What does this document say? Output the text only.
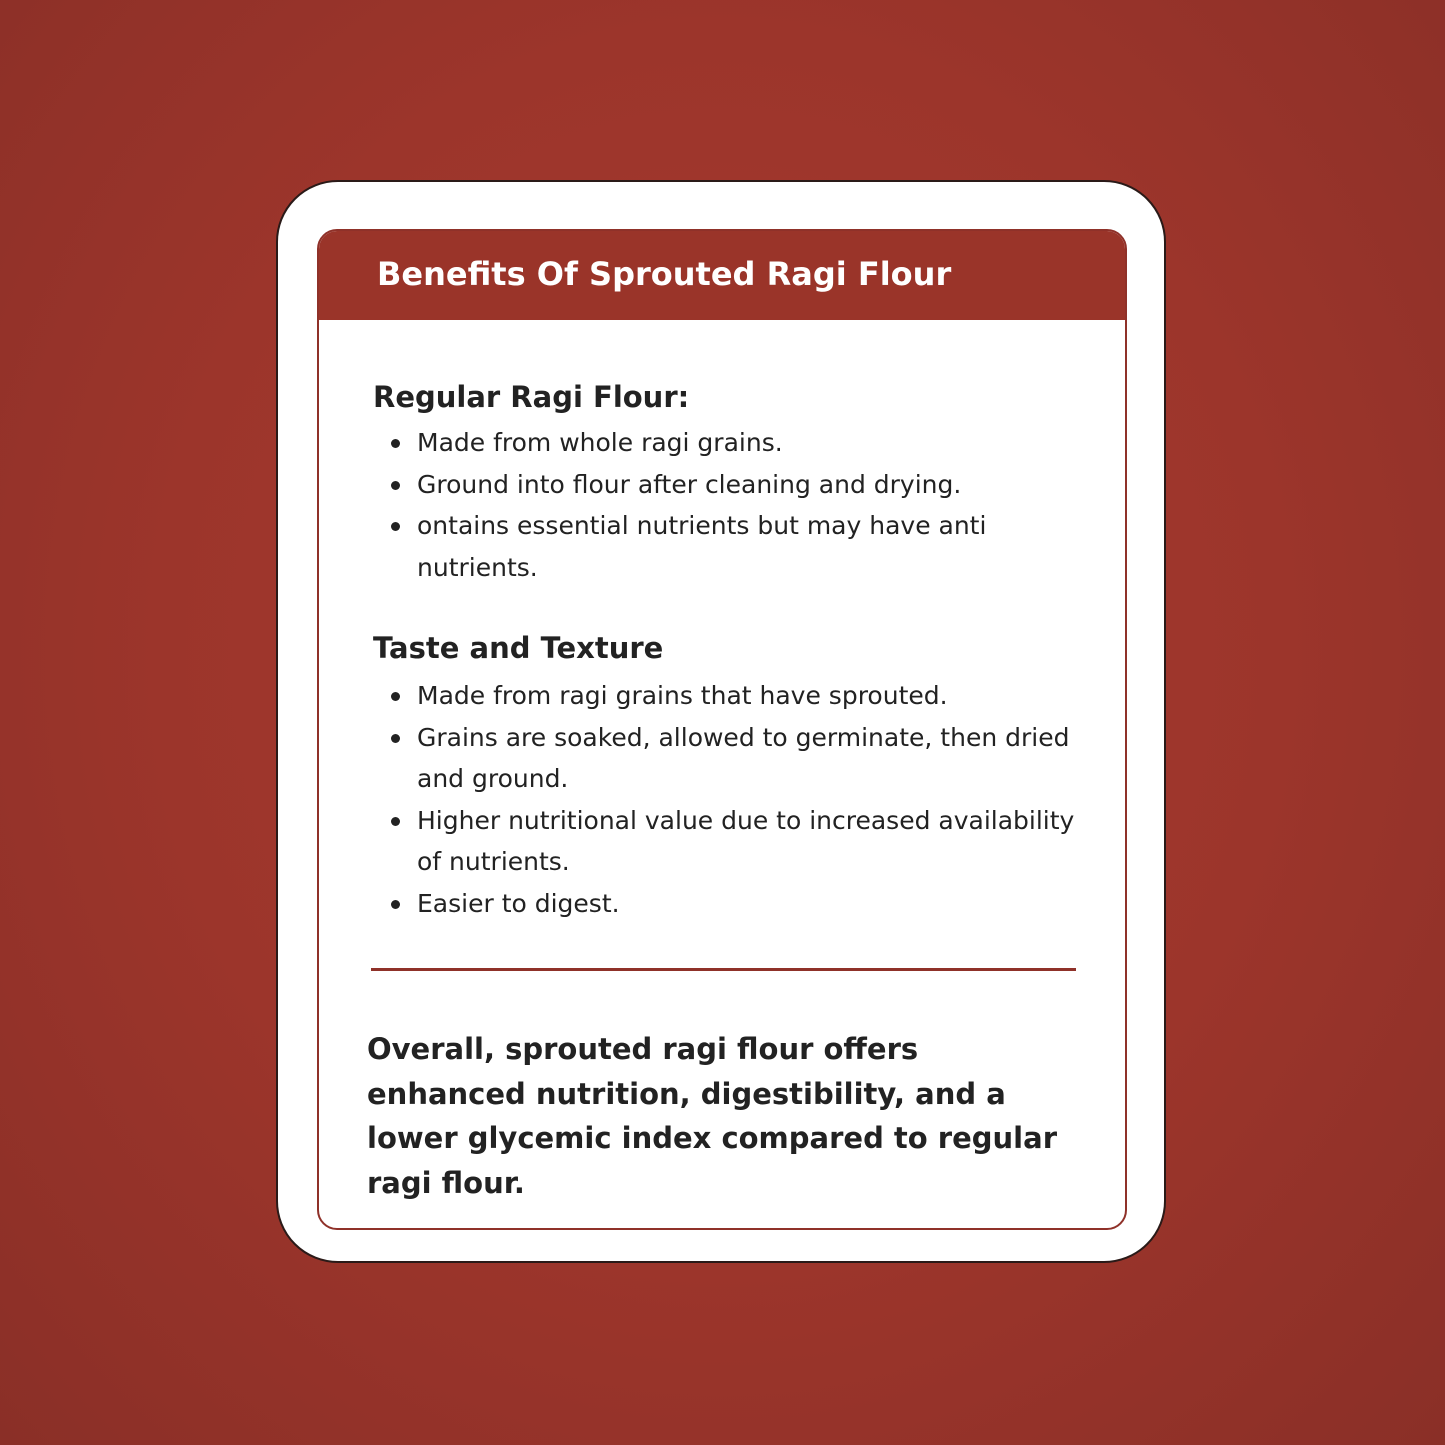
Benefits Of Sprouted Ragi Flour
Regular Ragi Flour:
Made from whole ragi grains.
Ground into flour after cleaning and drying.
ontains essential nutrients but may have anti nutrients.
Taste and Texture
Made from ragi grains that have sprouted.
Grains are soaked, allowed to germinate, then dried and ground.
Higher nutritional value due to increased availability of nutrients.
Easier to digest.
Overall, sprouted ragi flour offers enhanced nutrition, digestibility, and a lower glycemic index compared to regular ragi flour.
